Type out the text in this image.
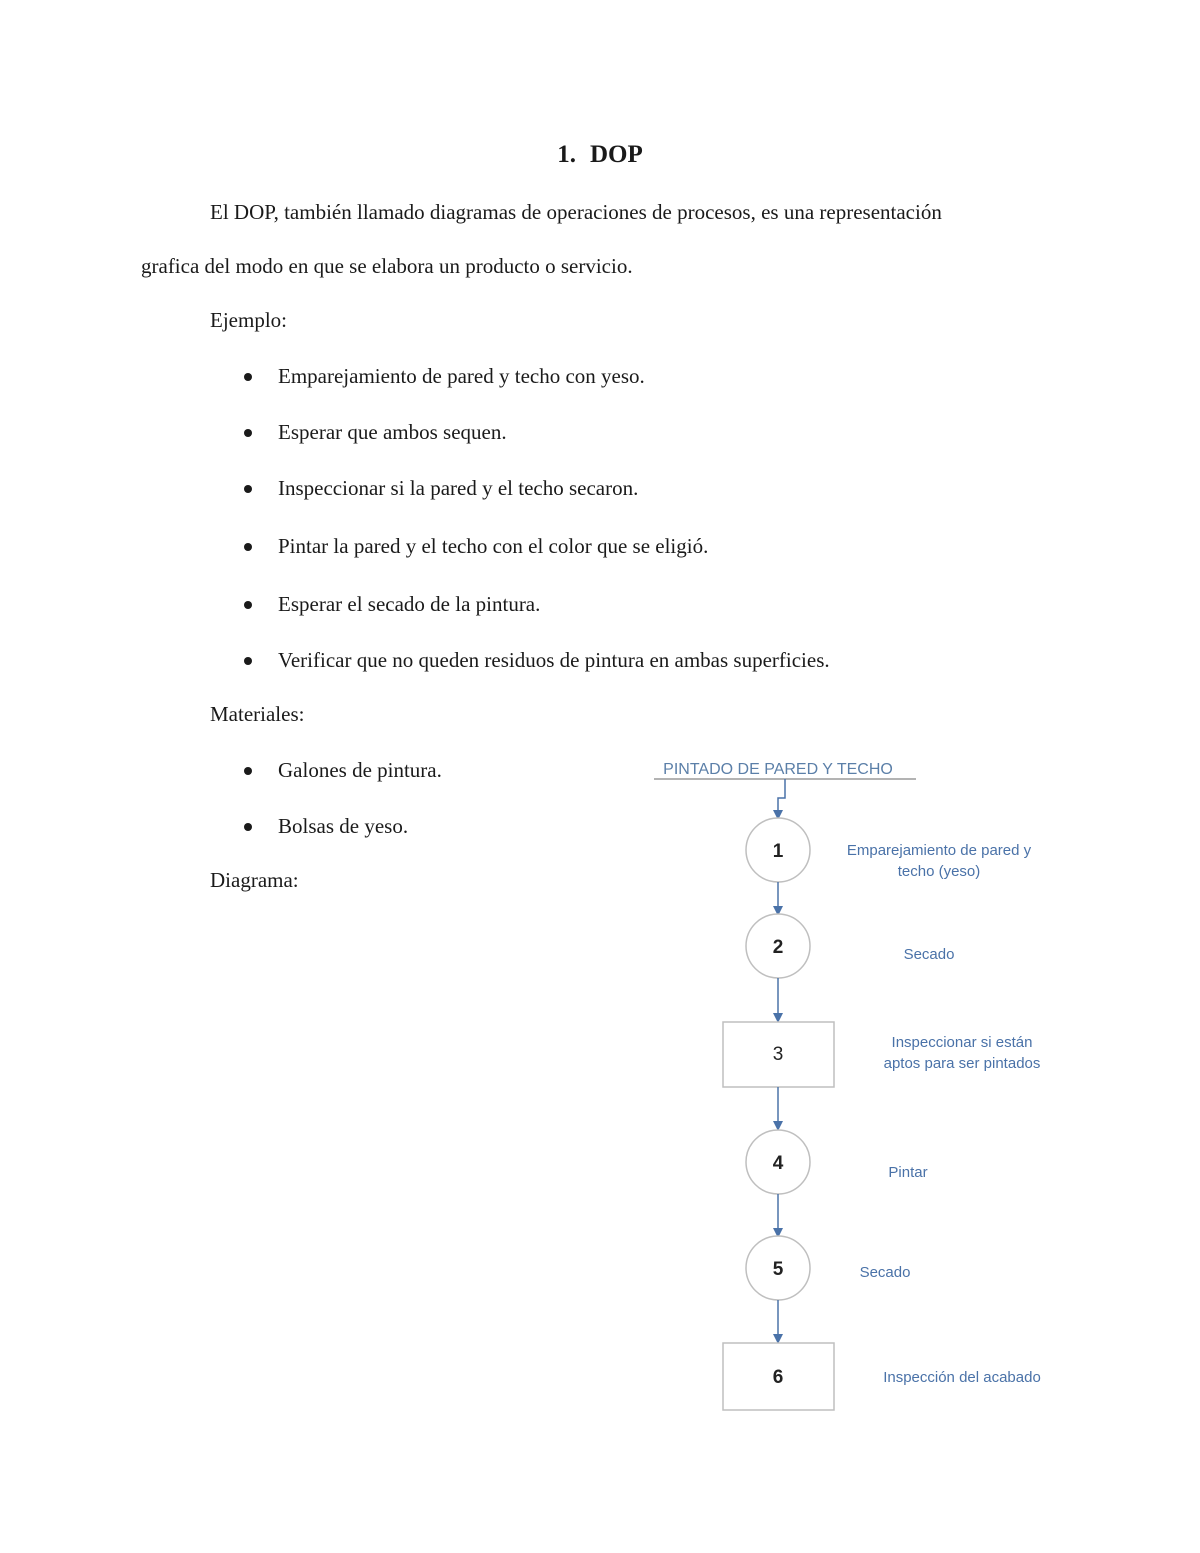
1. DOP
El DOP, también llamado diagramas de operaciones de procesos, es una representación
grafica del modo en que se elabora un producto o servicio.
Ejemplo:
Emparejamiento de pared y techo con yeso.
Esperar que ambos sequen.
Inspeccionar si la pared y el techo secaron.
Pintar la pared y el techo con el color que se eligió.
Esperar el secado de la pintura.
Verificar que no queden residuos de pintura en ambas superficies.
Materiales:
Galones de pintura.
Bolsas de yeso.
Diagrama:
PINTADO DE PARED Y TECHO
1	Emparejamiento de pared y
techo (yeso)
2	Secado
3
Inspeccionar si están
aptos para ser pintados
4	Pintar
5	Secado
6	Inspección del acabado
